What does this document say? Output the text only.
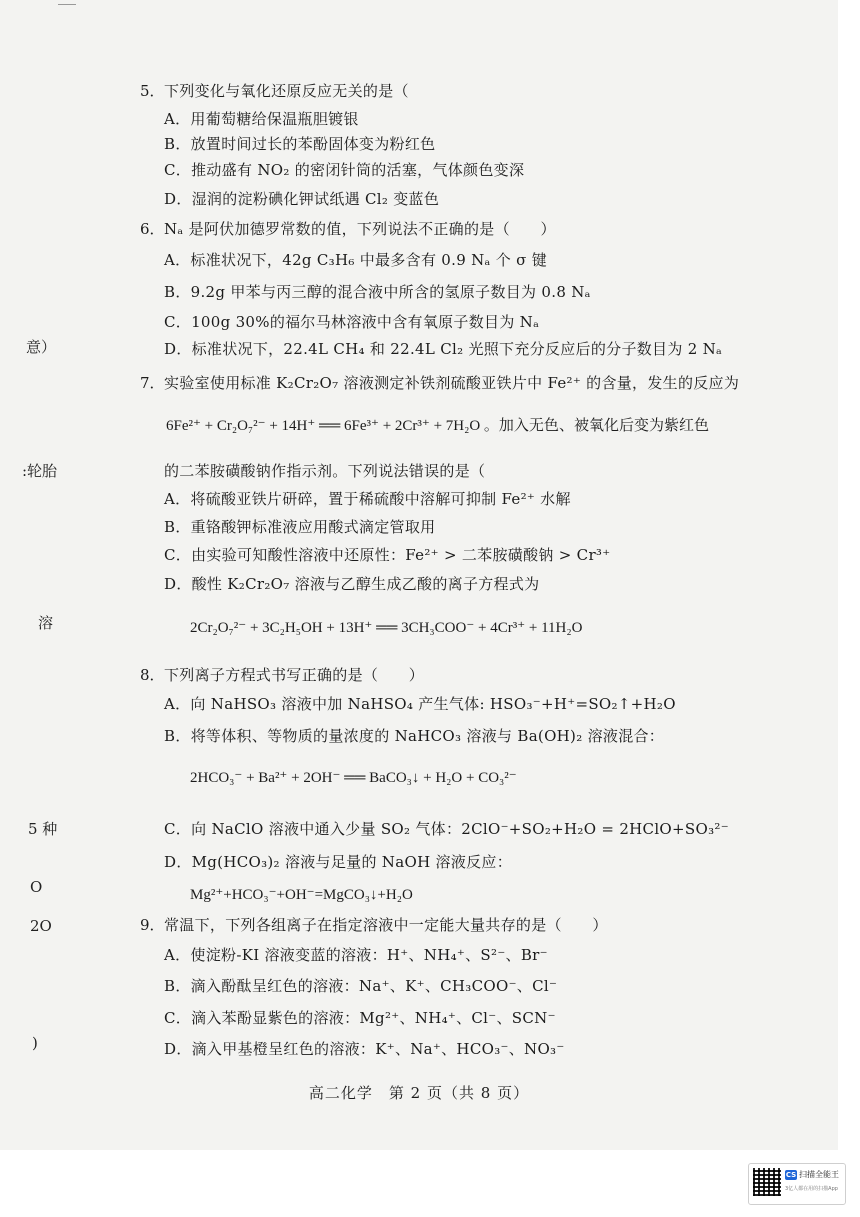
意）
:轮胎
溶
5 种
O
2O
)
5． 下列变化与氧化还原反应无关的是（
A．用葡萄糖给保温瓶胆镀银
B．放置时间过长的苯酚固体变为粉红色
C．推动盛有 NO₂ 的密闭针筒的活塞，气体颜色变深
D．湿润的淀粉碘化钾试纸遇 Cl₂ 变蓝色
6． Nₐ 是阿伏加德罗常数的值，下列说法不正确的是（　　）
A．标准状况下，42g C₃H₆ 中最多含有 0.9 Nₐ 个 σ 键
B．9.2g 甲苯与丙三醇的混合液中所含的氢原子数目为 0.8 Nₐ
C．100g 30%的福尔马林溶液中含有氧原子数目为 Nₐ
D．标准状况下，22.4L CH₄ 和 22.4L Cl₂ 光照下充分反应后的分子数目为 2 Nₐ
7． 实验室使用标准 K₂Cr₂O₇ 溶液测定补铁剂硫酸亚铁片中 Fe²⁺ 的含量，发生的反应为
6Fe²⁺ + Cr₂O₇²⁻ + 14H⁺ ══ 6Fe³⁺ + 2Cr³⁺ + 7H₂O 。加入无色、被氧化后变为紫红色
的二苯胺磺酸钠作指示剂。下列说法错误的是（
A．将硫酸亚铁片研碎，置于稀硫酸中溶解可抑制 Fe²⁺ 水解
B．重铬酸钾标准液应用酸式滴定管取用
C．由实验可知酸性溶液中还原性：Fe²⁺ > 二苯胺磺酸钠 > Cr³⁺
D．酸性 K₂Cr₂O₇ 溶液与乙醇生成乙酸的离子方程式为
2Cr₂O₇²⁻ + 3C₂H₅OH + 13H⁺ ══ 3CH₃COO⁻ + 4Cr³⁺ + 11H₂O
8． 下列离子方程式书写正确的是（　　）
A．向 NaHSO₃ 溶液中加 NaHSO₄ 产生气体: HSO₃⁻+H⁺=SO₂↑+H₂O
B．将等体积、等物质的量浓度的 NaHCO₃ 溶液与 Ba(OH)₂ 溶液混合：
2HCO₃⁻ + Ba²⁺ + 2OH⁻ ══ BaCO₃↓ + H₂O + CO₃²⁻
C．向 NaClO 溶液中通入少量 SO₂ 气体：2ClO⁻+SO₂+H₂O = 2HClO+SO₃²⁻
D．Mg(HCO₃)₂ 溶液与足量的 NaOH 溶液反应：
Mg²⁺+HCO₃⁻+OH⁻=MgCO₃↓+H₂O
9． 常温下，下列各组离子在指定溶液中一定能大量共存的是（　　）
A．使淀粉-KI 溶液变蓝的溶液：H⁺、NH₄⁺、S²⁻、Br⁻
B．滴入酚酞呈红色的溶液：Na⁺、K⁺、CH₃COO⁻、Cl⁻
C．滴入苯酚显紫色的溶液：Mg²⁺、NH₄⁺、Cl⁻、SCN⁻
D．滴入甲基橙呈红色的溶液：K⁺、Na⁺、HCO₃⁻、NO₃⁻
高二化学　第 2 页（共 8 页）
CS 扫描全能王
3亿人都在用的扫描App
